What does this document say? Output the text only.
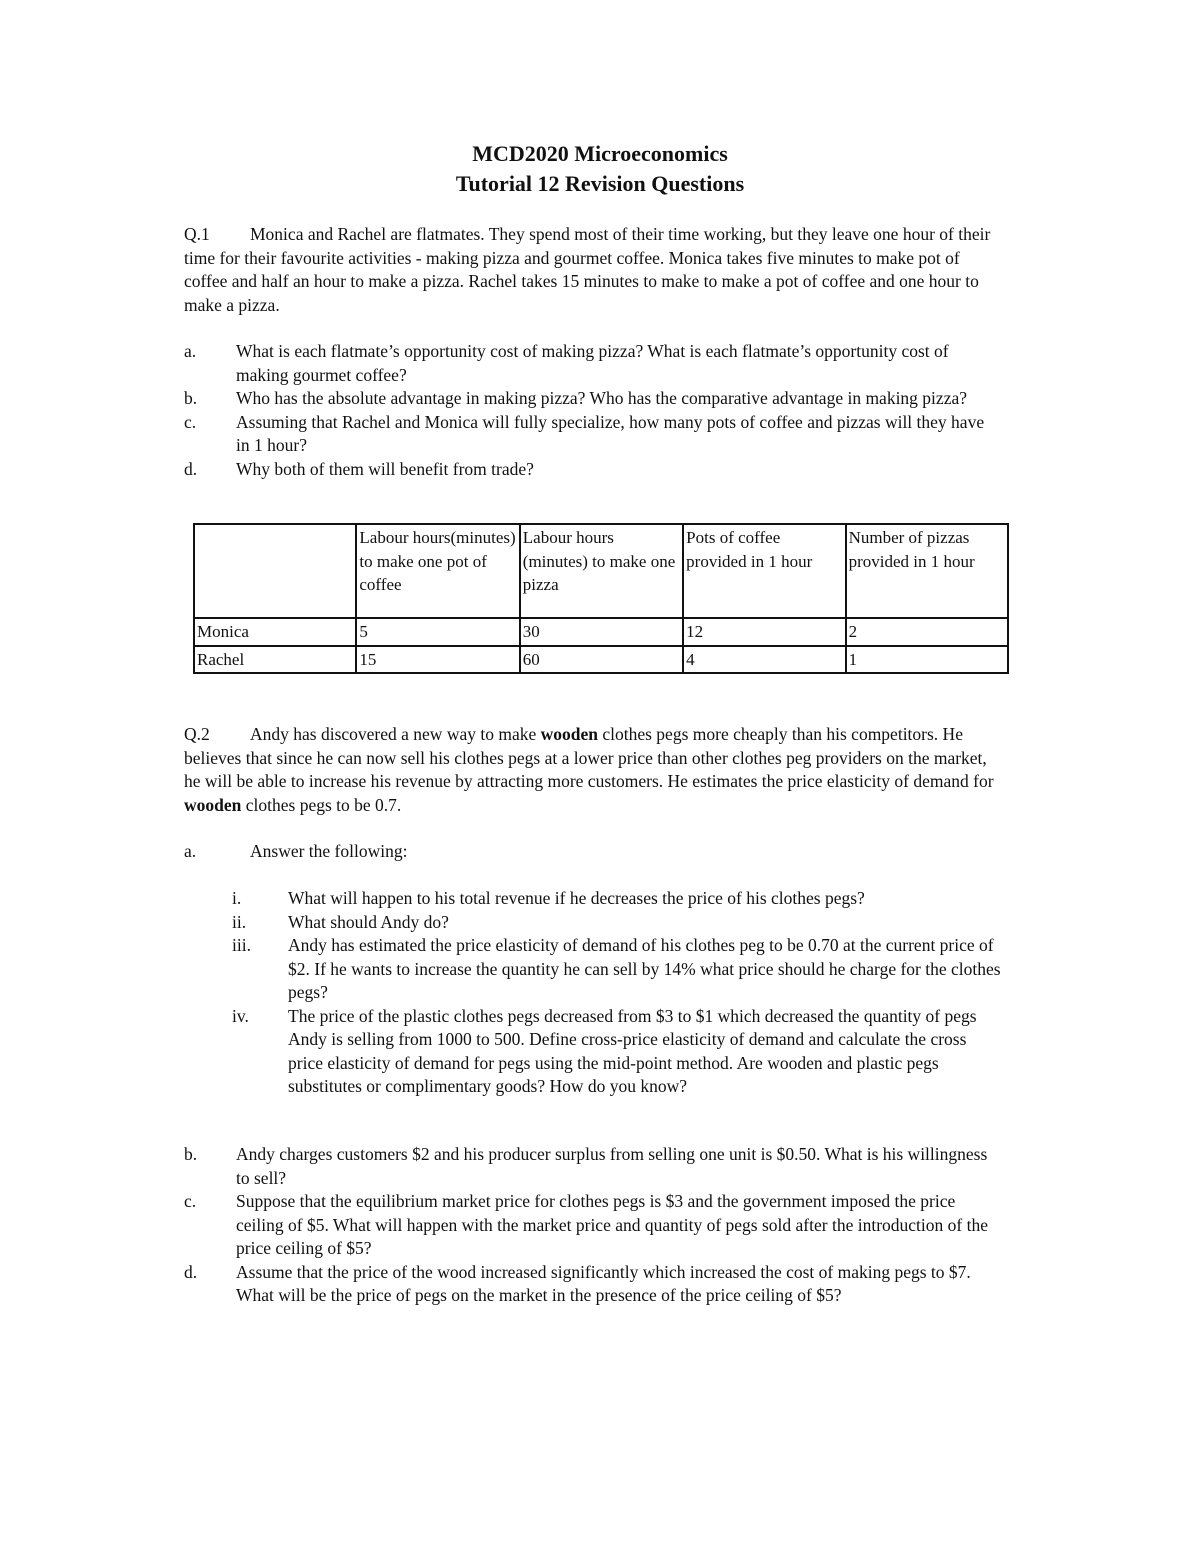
MCD2020 Microeconomics
Tutorial 12 Revision Questions
Q.1 Monica and Rachel are flatmates. They spend most of their time working, but they leave one hour of their time for their favourite activities - making pizza and gourmet coffee. Monica takes five minutes to make pot of coffee and half an hour to make a pizza. Rachel takes 15 minutes to make to make a pot of coffee and one hour to make a pizza.
a. What is each flatmate’s opportunity cost of making pizza? What is each flatmate’s opportunity cost of making gourmet coffee?
b. Who has the absolute advantage in making pizza? Who has the comparative advantage in making pizza?
c. Assuming that Rachel and Monica will fully specialize, how many pots of coffee and pizzas will they have in 1 hour?
d. Why both of them will benefit from trade?
	Labour hours(minutes) to make one pot of coffee	Labour hours (minutes) to make one pizza	Pots of coffee provided in 1 hour	Number of pizzas provided in 1 hour
Monica	5	30	12	2
Rachel	15	60	4	1
Q.2 Andy has discovered a new way to make wooden clothes pegs more cheaply than his competitors. He believes that since he can now sell his clothes pegs at a lower price than other clothes peg providers on the market, he will be able to increase his revenue by attracting more customers. He estimates the price elasticity of demand for wooden clothes pegs to be 0.7.
a.	Answer the following:
i.	What will happen to his total revenue if he decreases the price of his clothes pegs?
ii. What should Andy do?
iii. Andy has estimated the price elasticity of demand of his clothes peg to be 0.70 at the current price of $2. If he wants to increase the quantity he can sell by 14% what price should he charge for the clothes pegs?
iv. The price of the plastic clothes pegs decreased from $3 to $1 which decreased the quantity of pegs Andy is selling from 1000 to 500. Define cross-price elasticity of demand and calculate the cross price elasticity of demand for pegs using the mid-point method. Are wooden and plastic pegs substitutes or complimentary goods? How do you know?
b. Andy charges customers $2 and his producer surplus from selling one unit is $0.50. What is his willingness to sell?
c. Suppose that the equilibrium market price for clothes pegs is $3 and the government imposed the price ceiling of $5. What will happen with the market price and quantity of pegs sold after the introduction of the price ceiling of $5?
d. Assume that the price of the wood increased significantly which increased the cost of making pegs to $7. What will be the price of pegs on the market in the presence of the price ceiling of $5?
